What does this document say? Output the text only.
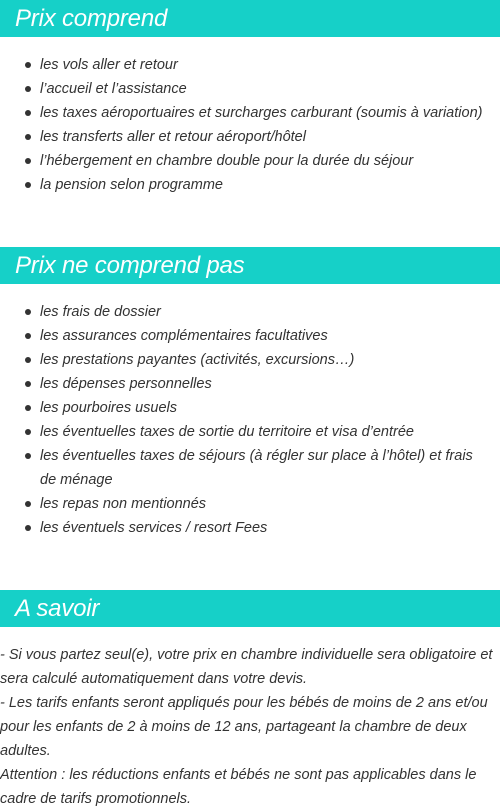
Prix comprend
les vols aller et retour
l’accueil et l’assistance
les taxes aéroportuaires et surcharges carburant (soumis à variation)
les transferts aller et retour aéroport/hôtel
l’hébergement en chambre double pour la durée du séjour
la pension selon programme
Prix ne comprend pas
les frais de dossier
les assurances complémentaires facultatives
les prestations payantes (activités, excursions…)
les dépenses personnelles
les pourboires usuels
les éventuelles taxes de sortie du territoire et visa d’entrée
les éventuelles taxes de séjours (à régler sur place à l’hôtel) et frais de ménage
les repas non mentionnés
les éventuels services / resort Fees
A savoir

- Si vous partez seul(e), votre prix en chambre individuelle sera obligatoire et sera calculé automatiquement dans votre devis.

- Les tarifs enfants seront appliqués pour les bébés de moins de 2 ans et/ou pour les enfants de 2 à moins de 12 ans, partageant la chambre de deux adultes.

Attention : les réductions enfants et bébés ne sont pas applicables dans le cadre de tarifs promotionnels.
